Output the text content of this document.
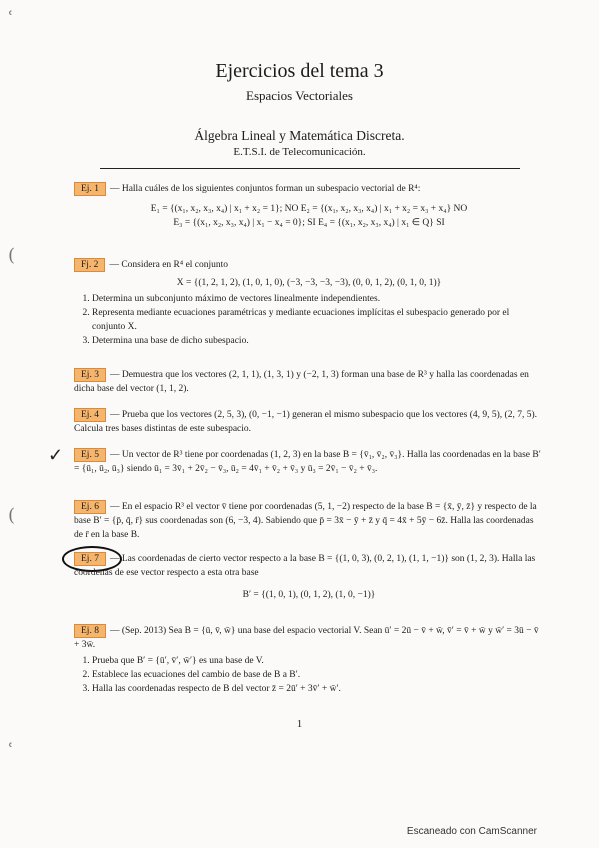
ʿ
(
(
ʿ
Ejercicios del tema 3
Espacios Vectoriales
Álgebra Lineal y Matemática Discreta.
E.T.S.I. de Telecomunicación.
Ej. 1 — Halla cuáles de los siguientes conjuntos forman un subespacio vectorial de R⁴:
E₁ = {(x₁, x₂, x₃, x₄) | x₁ + x₂ = 1}; NO E₂ = {(x₁, x₂, x₃, x₄) | x₁ + x₂ = x₃ + x₄} NO
E₃ = {(x₁, x₂, x₃, x₄) | x₁ − x₄ = 0}; SI E₄ = {(x₁, x₂, x₃, x₄) | x₁ ∈ Q} SI
Fj. 2 — Considera en R⁴ el conjunto
X = {(1, 2, 1, 2), (1, 0, 1, 0), (−3, −3, −3, −3), (0, 0, 1, 2), (0, 1, 0, 1)}
1. Determina un subconjunto máximo de vectores linealmente independientes.
2. Representa mediante ecuaciones paramétricas y mediante ecuaciones implícitas el subespacio generado por el conjunto X.
3. Determina una base de dicho subespacio.
Ej. 3 — Demuestra que los vectores (2, 1, 1), (1, 3, 1) y (−2, 1, 3) forman una base de R³ y halla las coordenadas en dicha base del vector (1, 1, 2).
Ej. 4 — Prueba que los vectores (2, 5, 3), (0, −1, −1) generan el mismo subespacio que los vectores (4, 9, 5), (2, 7, 5). Calcula tres bases distintas de este subespacio.
✓	Ej. 5 — Un vector de R³ tiene por coordenadas (1, 2, 3) en la base B = {v̄₁, v̄₂, v̄₃}. Halla las coordenadas en la base B′ = {ū₁, ū₂, ū₃} siendo ū₁ = 3v̄₁ + 2v̄₂ − v̄₃, ū₂ = 4v̄₁ + v̄₂ + v̄₃ y ū₃ = 2v̄₁ − v̄₂ + v̄₃.
Ej. 6 — En el espacio R³ el vector v̄ tiene por coordenadas (5, 1, −2) respecto de la base B = {x̄, ȳ, z̄} y respecto de la base B′ = {p̄, q̄, r̄} sus coordenadas son (6, −3, 4). Sabiendo que p̄ = 3x̄ − ȳ + z̄ y q̄ = 4x̄ + 5ȳ − 6z̄. Halla las coordenadas de r̄ en la base B.
Ej. 7 — Las coordenadas de cierto vector respecto a la base B = {(1, 0, 3), (0, 2, 1), (1, 1, −1)} son (1, 2, 3). Halla las coordenas de ese vector respecto a esta otra base
B′ = {(1, 0, 1), (0, 1, 2), (1, 0, −1)}
Ej. 8 — (Sep. 2013) Sea B = {ū, v̄, w̄} una base del espacio vectorial V. Sean ū′ = 2ū − v̄ + w̄, v̄′ = v̄ + w̄ y w̄′ = 3ū − v̄ + 3w̄.
1. Prueba que B′ = {ū′, v̄′, w̄′} es una base de V.
2. Establece las ecuaciones del cambio de base de B a B′.
3. Halla las coordenadas respecto de B del vector z̄ = 2ū′ + 3v̄′ + w̄′.
1
Escaneado con CamScanner
